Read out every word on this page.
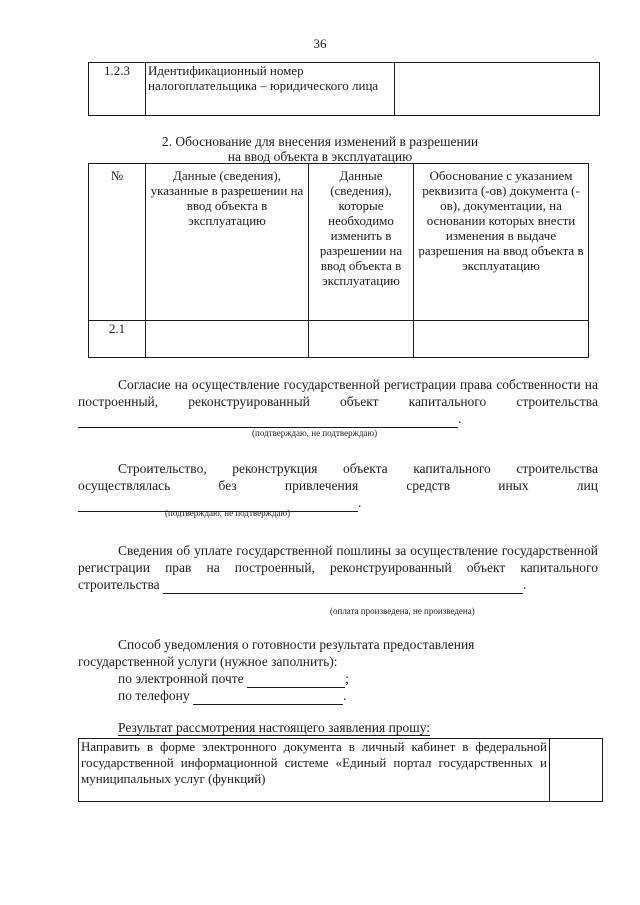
36
1.2.3	Идентификационный номер налогоплательщика – юридического лица	
2. Обоснование для внесения изменений в разрешении
на ввод объекта в эксплуатацию
№	Данные (сведения), указанные в разрешении на ввод объекта в эксплуатацию	Данные (сведения), которые необходимо изменить в разрешении на ввод объекта в эксплуатацию	Обоснование с указанием реквизита (-ов) документа (-ов), документации, на основании которых внести изменения в выдаче разрешения на ввод объекта в эксплуатацию
2.1			
Согласие на осуществление государственной регистрации права собственности на построенный, реконструированный объект капитального строительства  .
(подтверждаю, не подтверждаю)
Строительство, реконструкция объекта капитального строительства осуществлялась без привлечения средств иных лиц  .
(подтверждаю, не подтверждаю)
Сведения об уплате государственной пошлины за осуществление государственной регистрации прав на построенный, реконструированный объект капитального строительства	.
(оплата произведена, не произведена)
Способ уведомления о готовности результата предоставления
государственной услуги (нужное заполнить):
по электронной почте	;
по телефону	.
Результат рассмотрения настоящего заявления прошу:
Направить в форме электронного документа в личный кабинет в федеральной государственной информационной системе «Единый портал государственных и муниципальных услуг (функций)	
